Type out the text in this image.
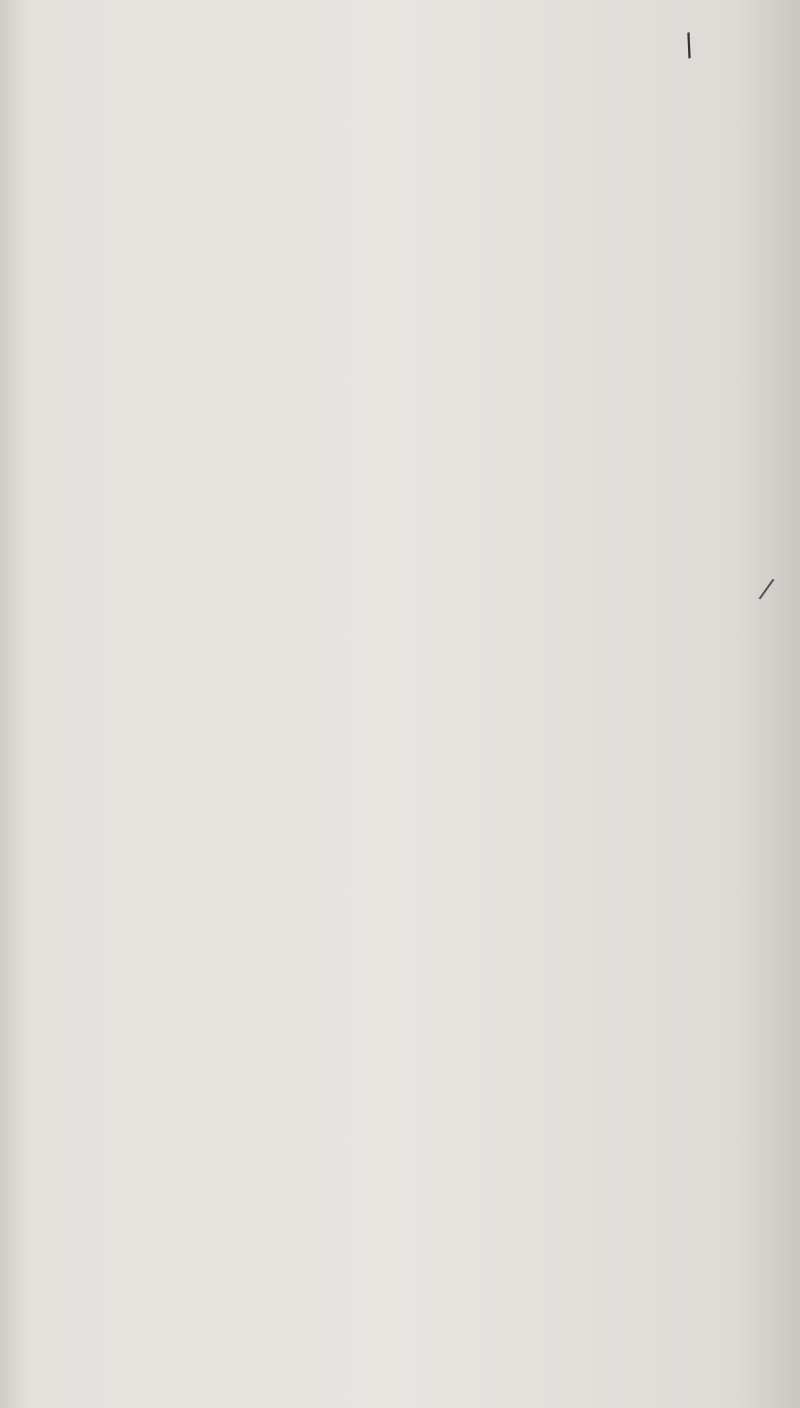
/
/
